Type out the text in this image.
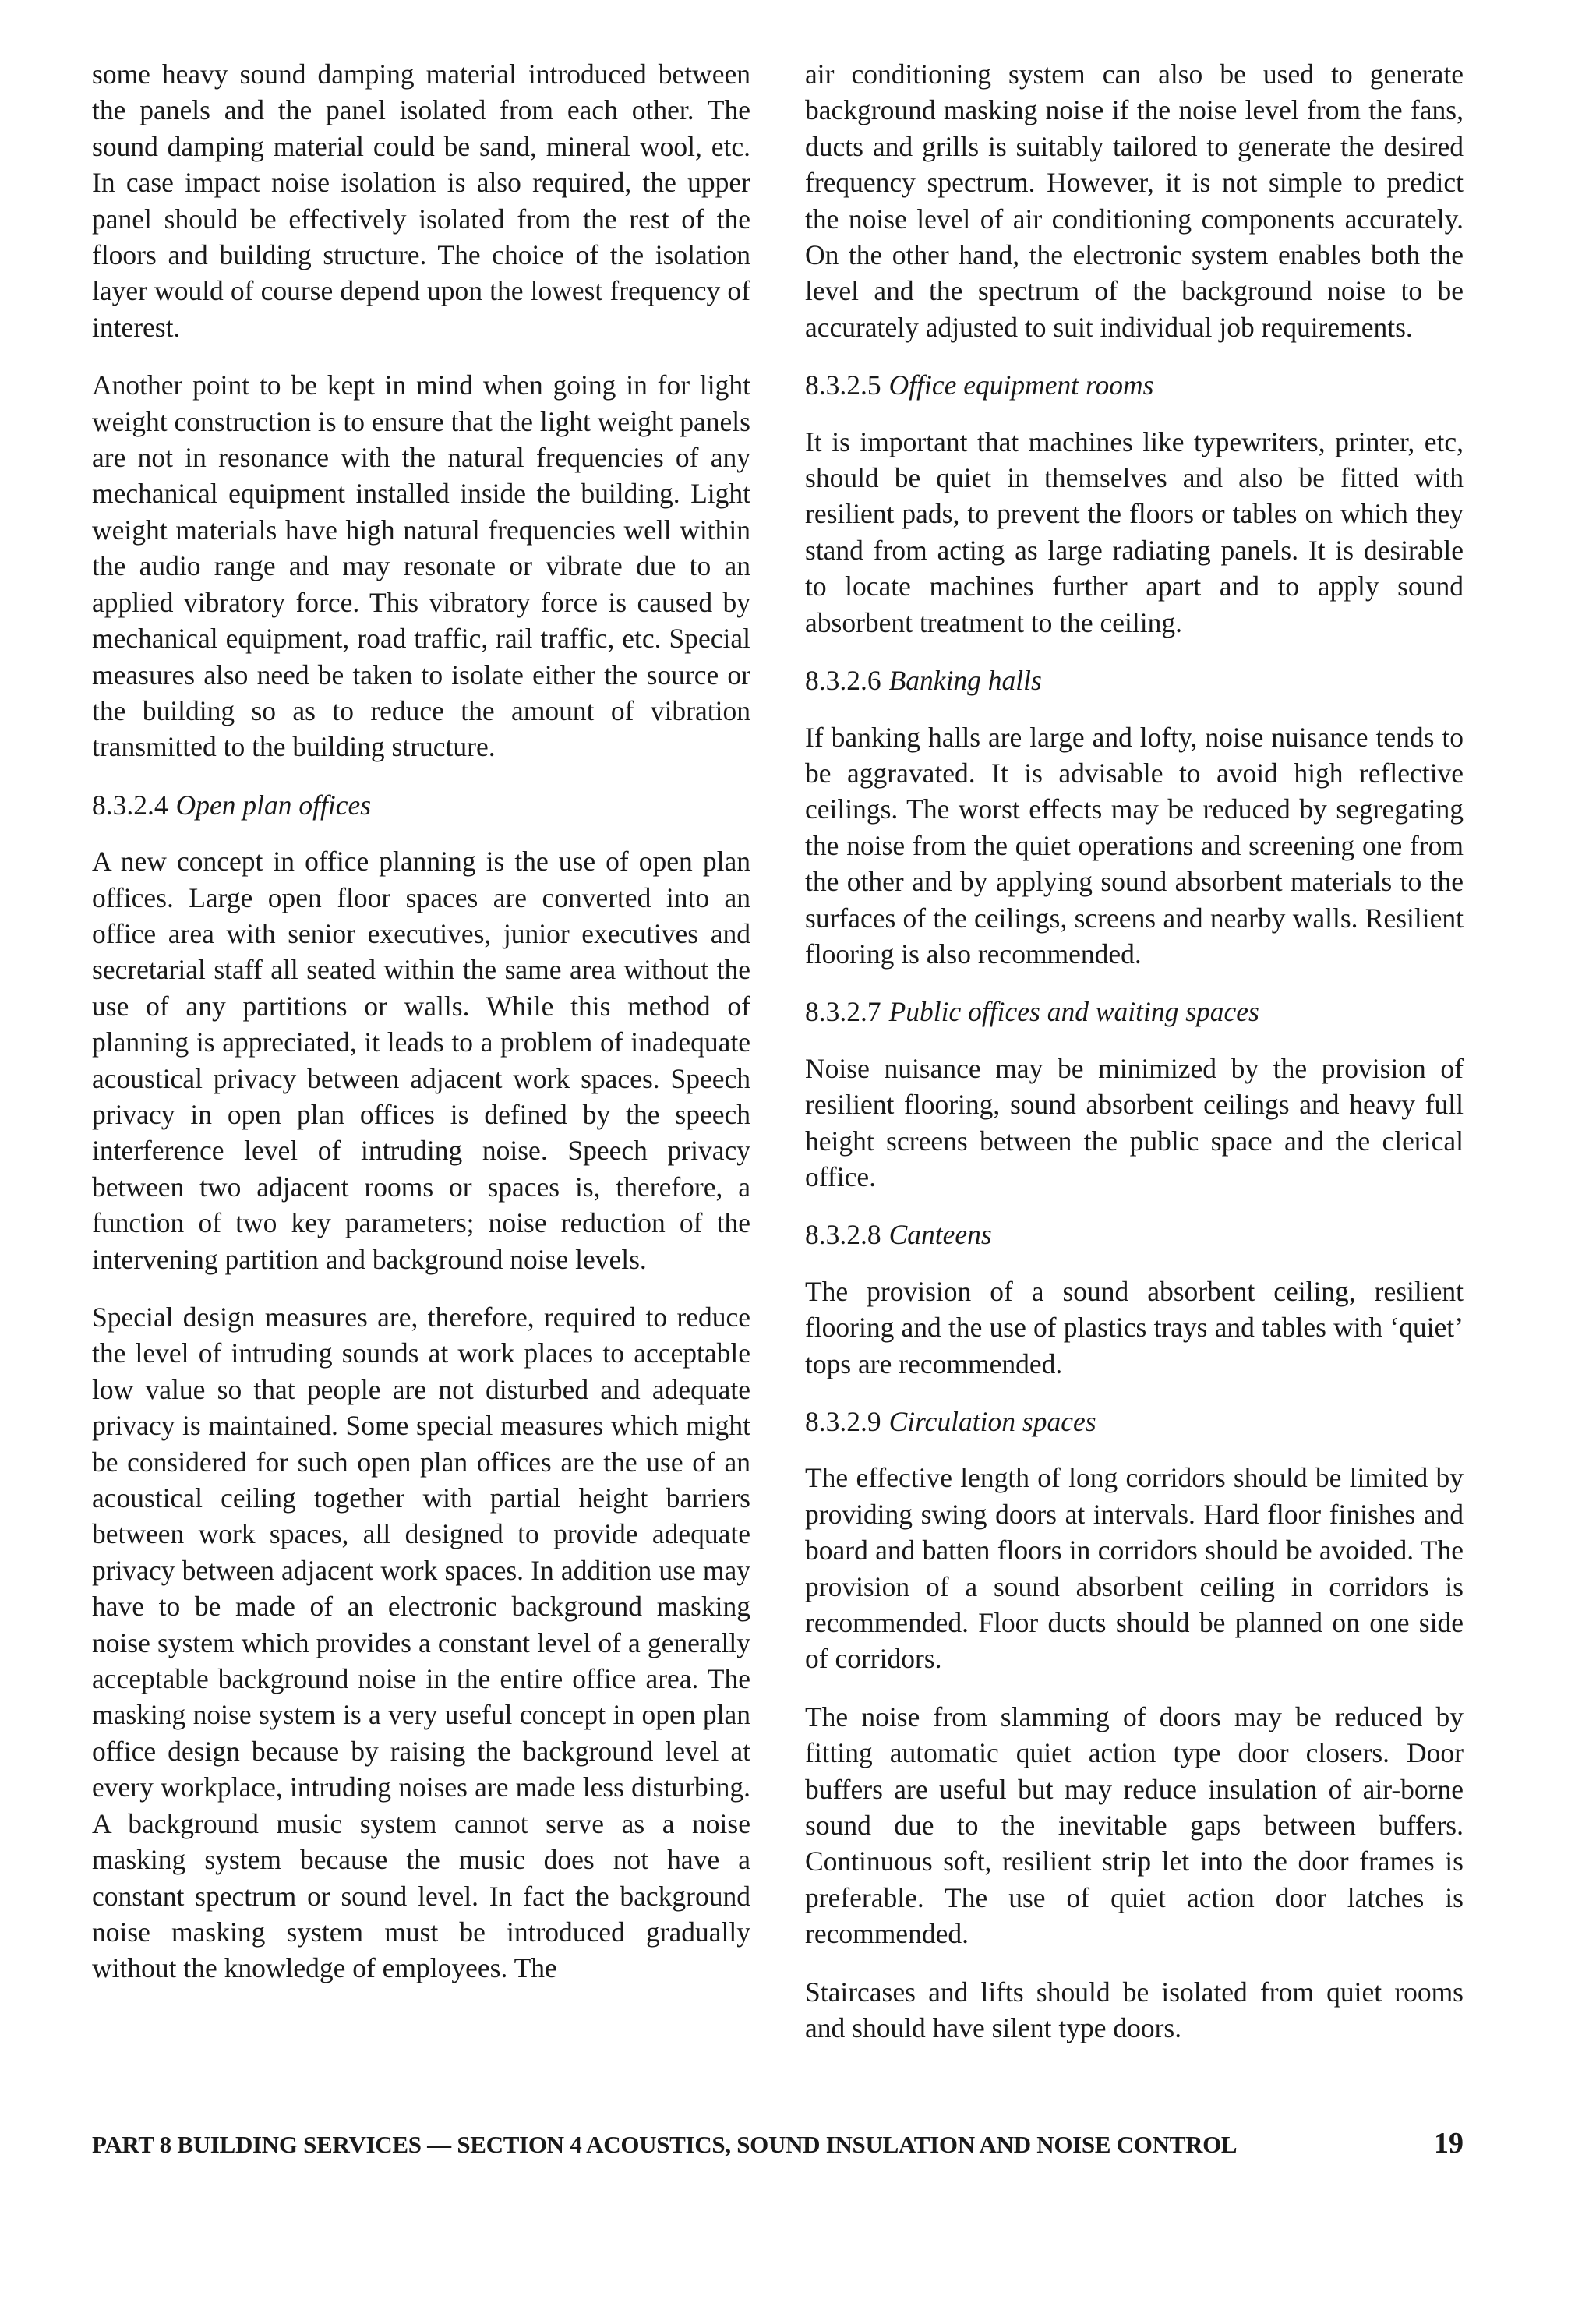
some heavy sound damping material introduced between the panels and the panel isolated from each other. The sound damping material could be sand, mineral wool, etc. In case impact noise isolation is also required, the upper panel should be effectively isolated from the rest of the floors and building structure. The choice of the isolation layer would of course depend upon the lowest frequency of interest.

Another point to be kept in mind when going in for light weight construction is to ensure that the light weight panels are not in resonance with the natural frequencies of any mechanical equipment installed inside the building. Light weight materials have high natural frequencies well within the audio range and may resonate or vibrate due to an applied vibratory force. This vibratory force is caused by mechanical equipment, road traffic, rail traffic, etc. Special measures also need be taken to isolate either the source or the building so as to reduce the amount of vibration transmitted to the building structure.

8.3.2.4 Open plan offices

A new concept in office planning is the use of open plan offices. Large open floor spaces are converted into an office area with senior executives, junior executives and secretarial staff all seated within the same area without the use of any partitions or walls. While this method of planning is appreciated, it leads to a problem of inadequate acoustical privacy between adjacent work spaces. Speech privacy in open plan offices is defined by the speech interference level of intruding noise. Speech privacy between two adjacent rooms or spaces is, therefore, a function of two key parameters; noise reduction of the intervening partition and background noise levels.

Special design measures are, therefore, required to reduce the level of intruding sounds at work places to acceptable low value so that people are not disturbed and adequate privacy is maintained. Some special measures which might be considered for such open plan offices are the use of an acoustical ceiling together with partial height barriers between work spaces, all designed to provide adequate privacy between adjacent work spaces. In addition use may have to be made of an electronic background masking noise system which provides a constant level of a generally acceptable background noise in the entire office area. The masking noise system is a very useful concept in open plan office design because by raising the background level at every workplace, intruding noises are made less disturbing. A background music system cannot serve as a noise masking system because the music does not have a constant spectrum or sound level. In fact the background noise masking system must be introduced gradually without the knowledge of employees. The

air conditioning system can also be used to generate background masking noise if the noise level from the fans, ducts and grills is suitably tailored to generate the desired frequency spectrum. However, it is not simple to predict the noise level of air conditioning components accurately. On the other hand, the electronic system enables both the level and the spectrum of the background noise to be accurately adjusted to suit individual job requirements.

8.3.2.5 Office equipment rooms

It is important that machines like typewriters, printer, etc, should be quiet in themselves and also be fitted with resilient pads, to prevent the floors or tables on which they stand from acting as large radiating panels. It is desirable to locate machines further apart and to apply sound absorbent treatment to the ceiling.

8.3.2.6 Banking halls

If banking halls are large and lofty, noise nuisance tends to be aggravated. It is advisable to avoid high reflective ceilings. The worst effects may be reduced by segregating the noise from the quiet operations and screening one from the other and by applying sound absorbent materials to the surfaces of the ceilings, screens and nearby walls. Resilient flooring is also recommended.

8.3.2.7 Public offices and waiting spaces

Noise nuisance may be minimized by the provision of resilient flooring, sound absorbent ceilings and heavy full height screens between the public space and the clerical office.

8.3.2.8 Canteens

The provision of a sound absorbent ceiling, resilient flooring and the use of plastics trays and tables with ‘quiet’ tops are recommended.

8.3.2.9 Circulation spaces

The effective length of long corridors should be limited by providing swing doors at intervals. Hard floor finishes and board and batten floors in corridors should be avoided. The provision of a sound absorbent ceiling in corridors is recommended. Floor ducts should be planned on one side of corridors.

The noise from slamming of doors may be reduced by fitting automatic quiet action type door closers. Door buffers are useful but may reduce insulation of air-borne sound due to the inevitable gaps between buffers. Continuous soft, resilient strip let into the door frames is preferable. The use of quiet action door latches is recommended.

Staircases and lifts should be isolated from quiet rooms and should have silent type doors.

PART 8 BUILDING SERVICES — SECTION 4 ACOUSTICS, SOUND INSULATION AND NOISE CONTROL	19
